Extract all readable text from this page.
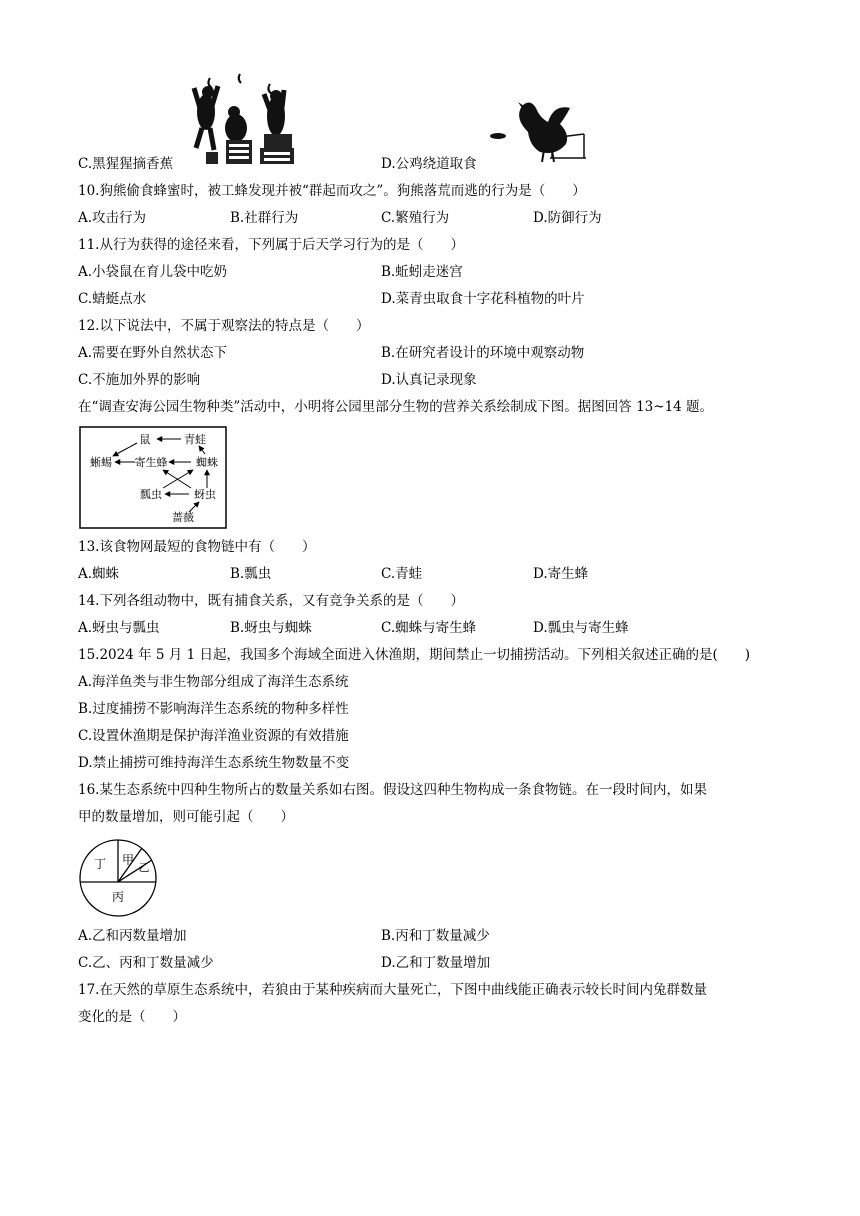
C.黑猩猩摘香蕉	D.公鸡绕道取食
10.狗熊偷食蜂蜜时，被工蜂发现并被“群起而攻之”。狗熊落荒而逃的行为是（　　）
A.攻击行为	B.社群行为	C.繁殖行为	D.防御行为
11.从行为获得的途径来看，下列属于后天学习行为的是（　　）
A.小袋鼠在育儿袋中吃奶	B.蚯蚓走迷宫
C.蜻蜓点水	D.菜青虫取食十字花科植物的叶片
12.以下说法中，不属于观察法的特点是（　　）
A.需要在野外自然状态下	B.在研究者设计的环境中观察动物
C.不施加外界的影响	D.认真记录现象
在“调查安海公园生物种类”活动中，小明将公园里部分生物的营养关系绘制成下图。据图回答 13~14 题。
鼠	青蛙
蜥蜴 寄生蜂	蜘蛛
瓢虫	蚜虫
蔷薇
13.该食物网最短的食物链中有（　　）
A.蜘蛛	B.瓢虫	C.青蛙	D.寄生蜂
14.下列各组动物中，既有捕食关系，又有竞争关系的是（　　）
A.蚜虫与瓢虫	B.蚜虫与蜘蛛	C.蜘蛛与寄生蜂	D.瓢虫与寄生蜂
15.2024 年 5 月 1 日起，我国多个海域全面进入休渔期，期间禁止一切捕捞活动。下列相关叙述正确的是(　　)
A.海洋鱼类与非生物部分组成了海洋生态系统
B.过度捕捞不影响海洋生态系统的物种多样性
C.设置休渔期是保护海洋渔业资源的有效措施
D.禁止捕捞可维持海洋生态系统生物数量不变
16.某生态系统中四种生物所占的数量关系如右图。假设这四种生物构成一条食物链。在一段时间内，如果
甲的数量增加，则可能引起（　　）
丁 甲
乙
丙
A.乙和丙数量增加	B.丙和丁数量减少
C.乙、丙和丁数量减少	D.乙和丁数量增加
17.在天然的草原生态系统中，若狼由于某种疾病而大量死亡，下图中曲线能正确表示较长时间内兔群数量
变化的是（　　）
